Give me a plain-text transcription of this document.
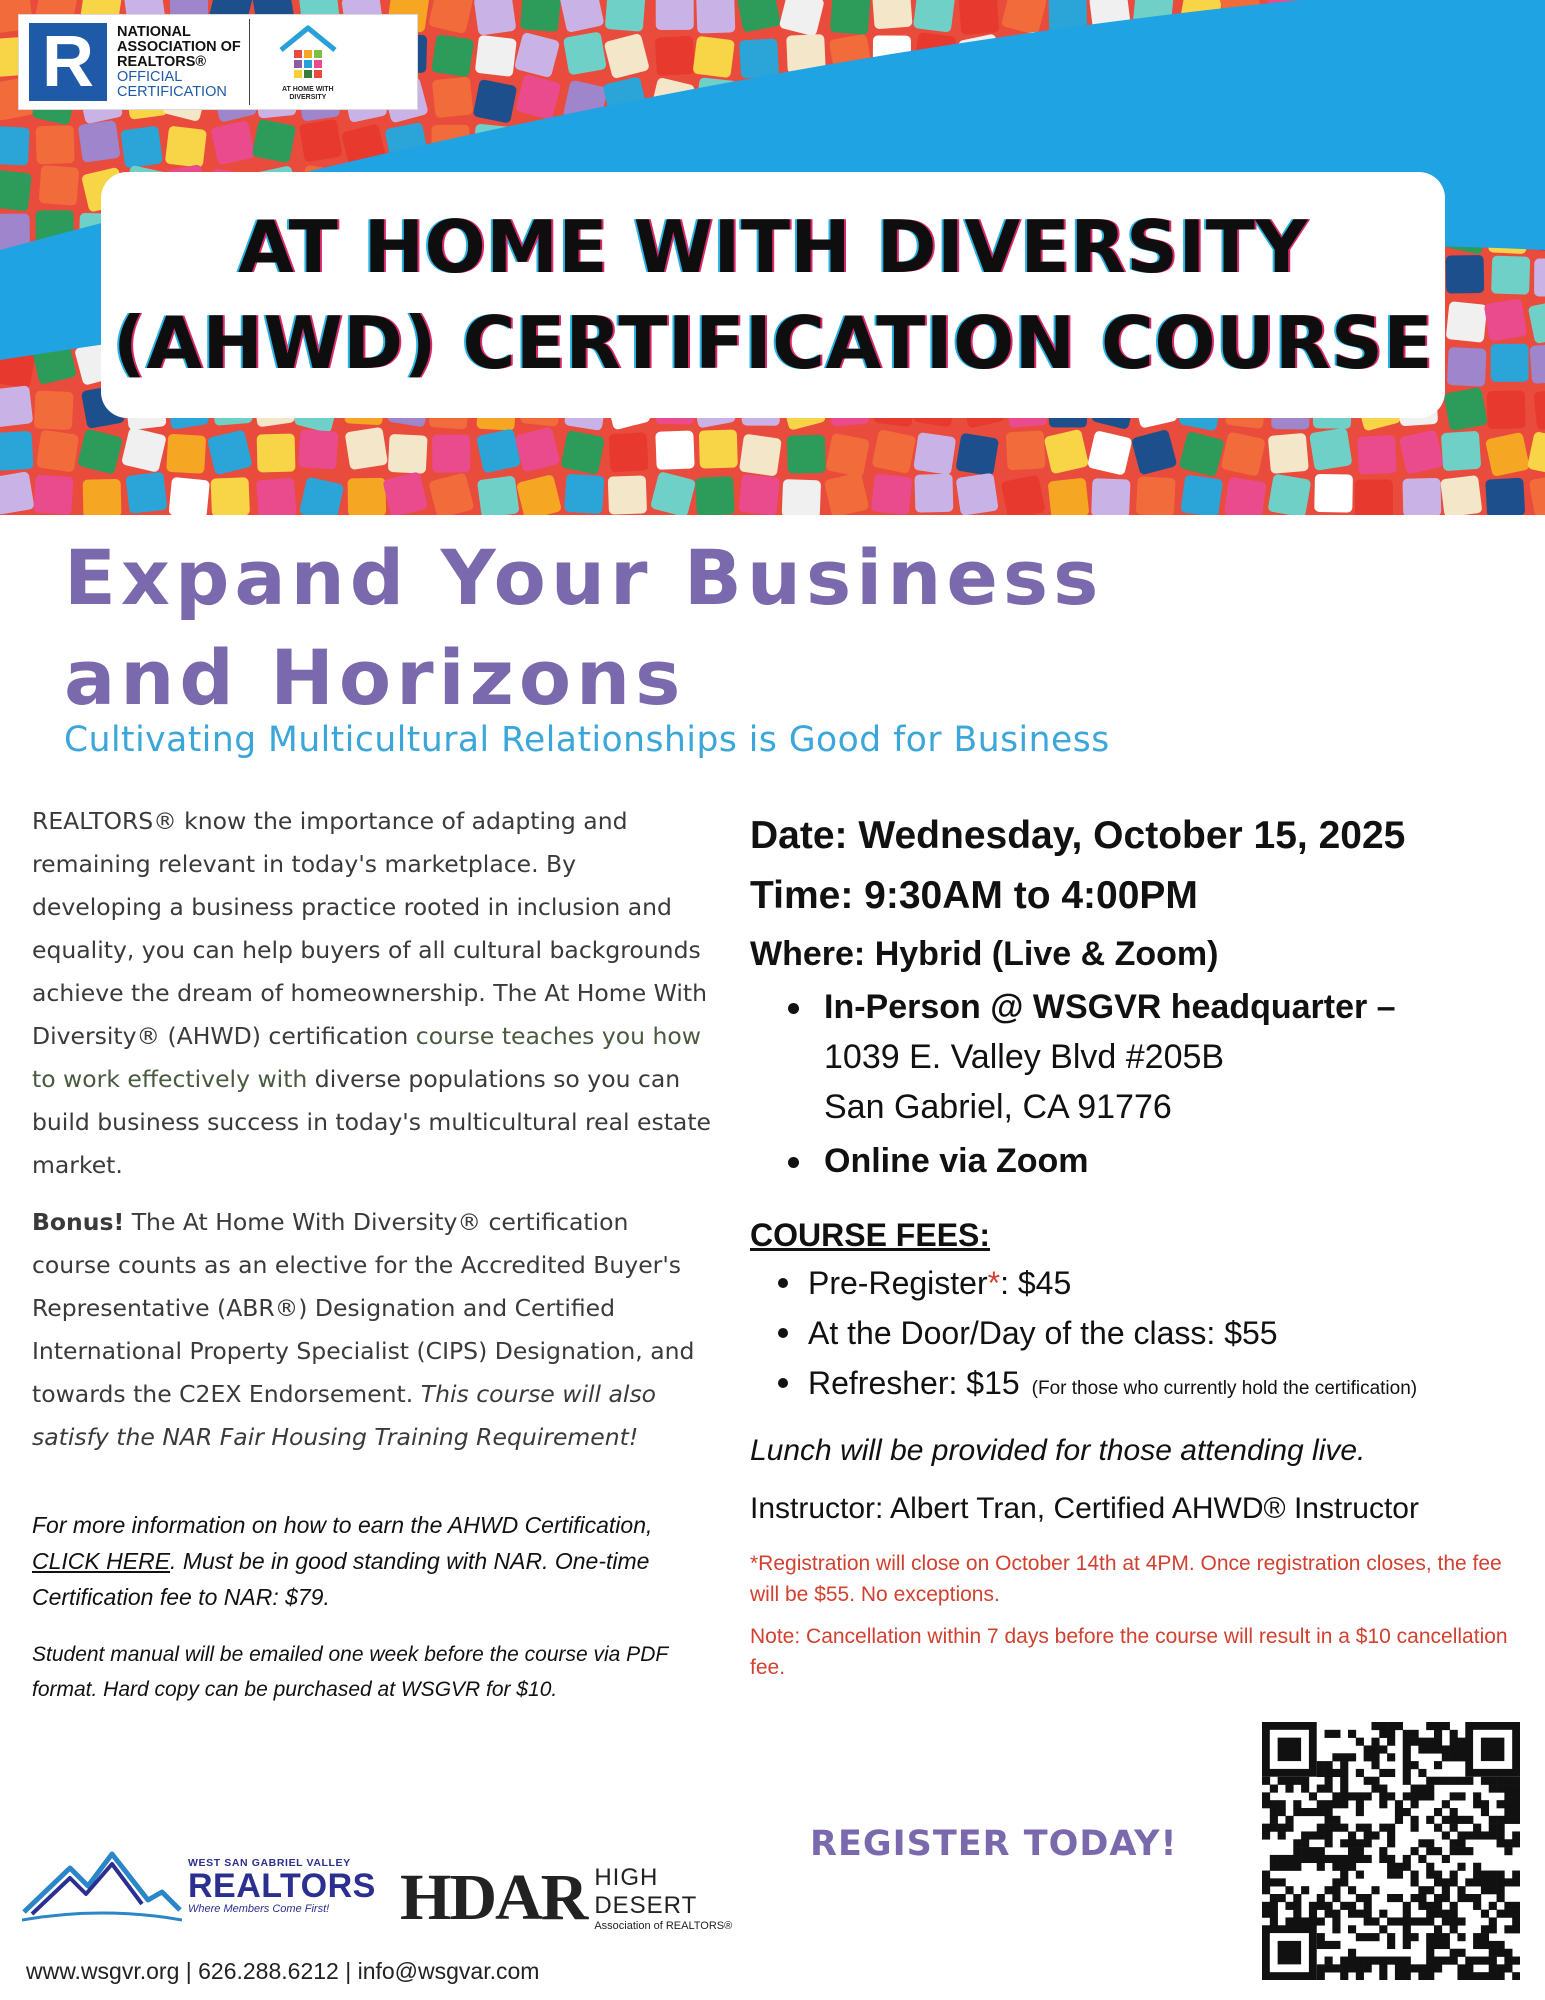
R	NATIONAL
ASSOCIATION OF
REALTORS®
OFFICIAL
CERTIFICATION	AT HOME WITH DIVERSITY
AT HOME WITH DIVERSITY
(AHWD) CERTIFICATION COURSE
Expand Your Business
and Horizons
Cultivating Multicultural Relationships is Good for Business

REALTORS® know the importance of adapting and remaining relevant in today's marketplace. By developing a business practice rooted in inclusion and equality, you can help buyers of all cultural backgrounds achieve the dream of homeownership. The At Home With Diversity® (AHWD) certification course teaches you how to work effectively with diverse populations so you can build business success in today's multicultural real estate market.

Bonus! The At Home With Diversity® certification course counts as an elective for the Accredited Buyer's Representative (ABR®) Designation and Certified International Property Specialist (CIPS) Designation, and towards the C2EX Endorsement. This course will also satisfy the NAR Fair Housing Training Requirement!

For more information on how to earn the AHWD Certification, CLICK HERE. Must be in good standing with NAR. One-time Certification fee to NAR: $79.

Student manual will be emailed one week before the course via PDF format. Hard copy can be purchased at WSGVR for $10.

Date: Wednesday, October 15, 2025
Time: 9:30AM to 4:00PM
Where: Hybrid (Live & Zoom)
In-Person @ WSGVR headquarter –
1039 E. Valley Blvd #205B
San Gabriel, CA 91776
Online via Zoom
COURSE FEES:
Pre-Register*: $45
At the Door/Day of the class: $55
Refresher: $15 (For those who currently hold the certification)
Lunch will be provided for those attending live.
Instructor: Albert Tran, Certified AHWD® Instructor

*Registration will close on October 14th at 4PM. Once registration closes, the fee will be $55. No exceptions.

Note: Cancellation within 7 days before the course will result in a $10 cancellation fee.

REGISTER TODAY!
WEST SAN GABRIEL VALLEY
REALTORS
Where Members Come First!	HDAR HIGH DESERT
Association of REALTORS®
www.wsgvr.org | 626.288.6212 | info@wsgvar.com
